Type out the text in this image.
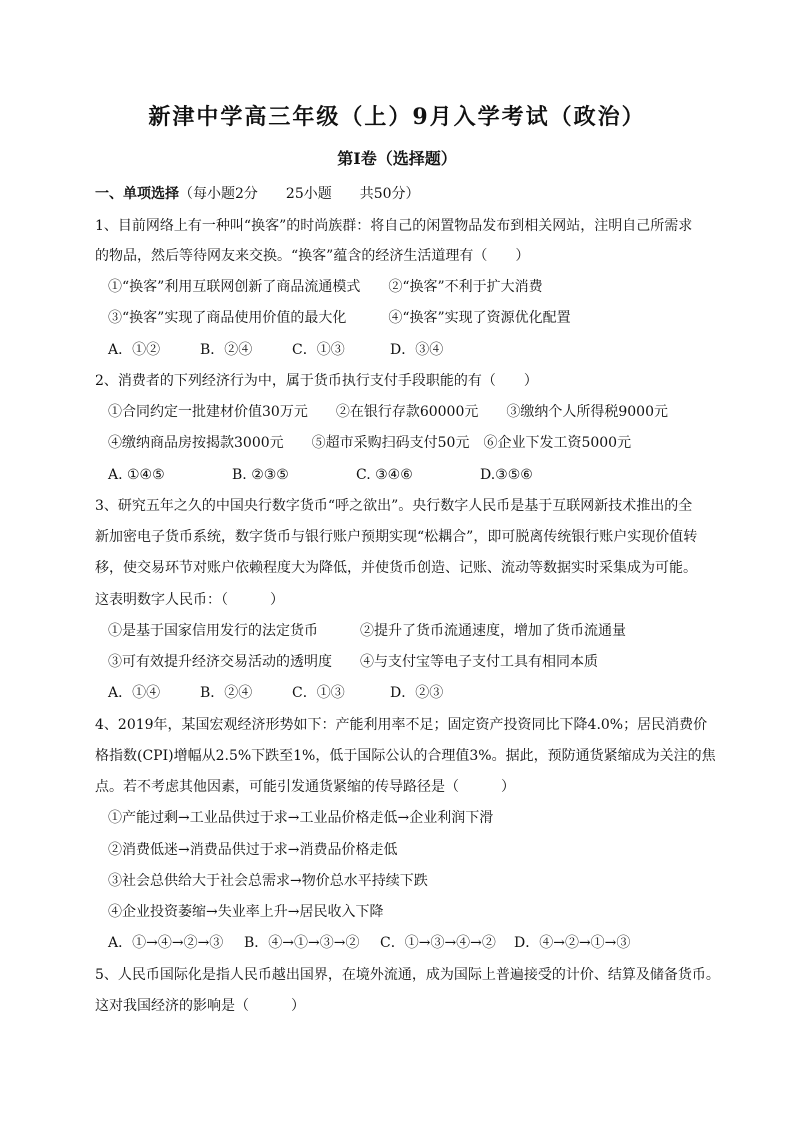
新津中学高三年级（上）9月入学考试（政治）
第Ⅰ卷（选择题）
一、单项选择（每小题2分　　25小题　　共50分）
1、目前网络上有一种叫“换客”的时尚族群：将自己的闲置物品发布到相关网站，注明自己所需求
的物品，然后等待网友来交换。“换客”蕴含的经济生活道理有（　　）
①“换客”利用互联网创新了商品流通模式　　②“换客”不利于扩大消费
③“换客”实现了商品使用价值的最大化　　　④“换客”实现了资源优化配置
A．①②	B．②④	C．①③	D．③④
2、消费者的下列经济行为中，属于货币执行支付手段职能的有（　　）
①合同约定一批建材价值30万元　　②在银行存款60000元　　③缴纳个人所得税9000元
④缴纳商品房按揭款3000元　　⑤超市采购扫码支付50元　⑥企业下发工资5000元
A. ①④⑤	B. ②③⑤	C. ③④⑥	D.③⑤⑥
3、研究五年之久的中国央行数字货币“呼之欲出”。央行数字人民币是基于互联网新技术推出的全
新加密电子货币系统，数字货币与银行账户预期实现“松耦合”，即可脱离传统银行账户实现价值转
移，使交易环节对账户依赖程度大为降低，并使货币创造、记账、流动等数据实时采集成为可能。
这表明数字人民币：（　　　）
①是基于国家信用发行的法定货币　　　②提升了货币流通速度，增加了货币流通量
③可有效提升经济交易活动的透明度　　④与支付宝等电子支付工具有相同本质
A．①④	B．②④	C．①③	D．②③
4、2019年，某国宏观经济形势如下：产能利用率不足；固定资产投资同比下降4.0%；居民消费价
格指数(CPI)增幅从2.5%下跌至1%，低于国际公认的合理值3%。据此，预防通货紧缩成为关注的焦
点。若不考虑其他因素，可能引发通货紧缩的传导路径是（　　　）
①产能过剩→工业品供过于求→工业品价格走低→企业利润下滑
②消费低迷→消费品供过于求→消费品价格走低
③社会总供给大于社会总需求→物价总水平持续下跌
④企业投资萎缩→失业率上升→居民收入下降
A．①→④→②→③ B．④→①→③→② C．①→③→④→② D．④→②→①→③
5、人民币国际化是指人民币越出国界，在境外流通，成为国际上普遍接受的计价、结算及储备货币。
这对我国经济的影响是（　　　）
